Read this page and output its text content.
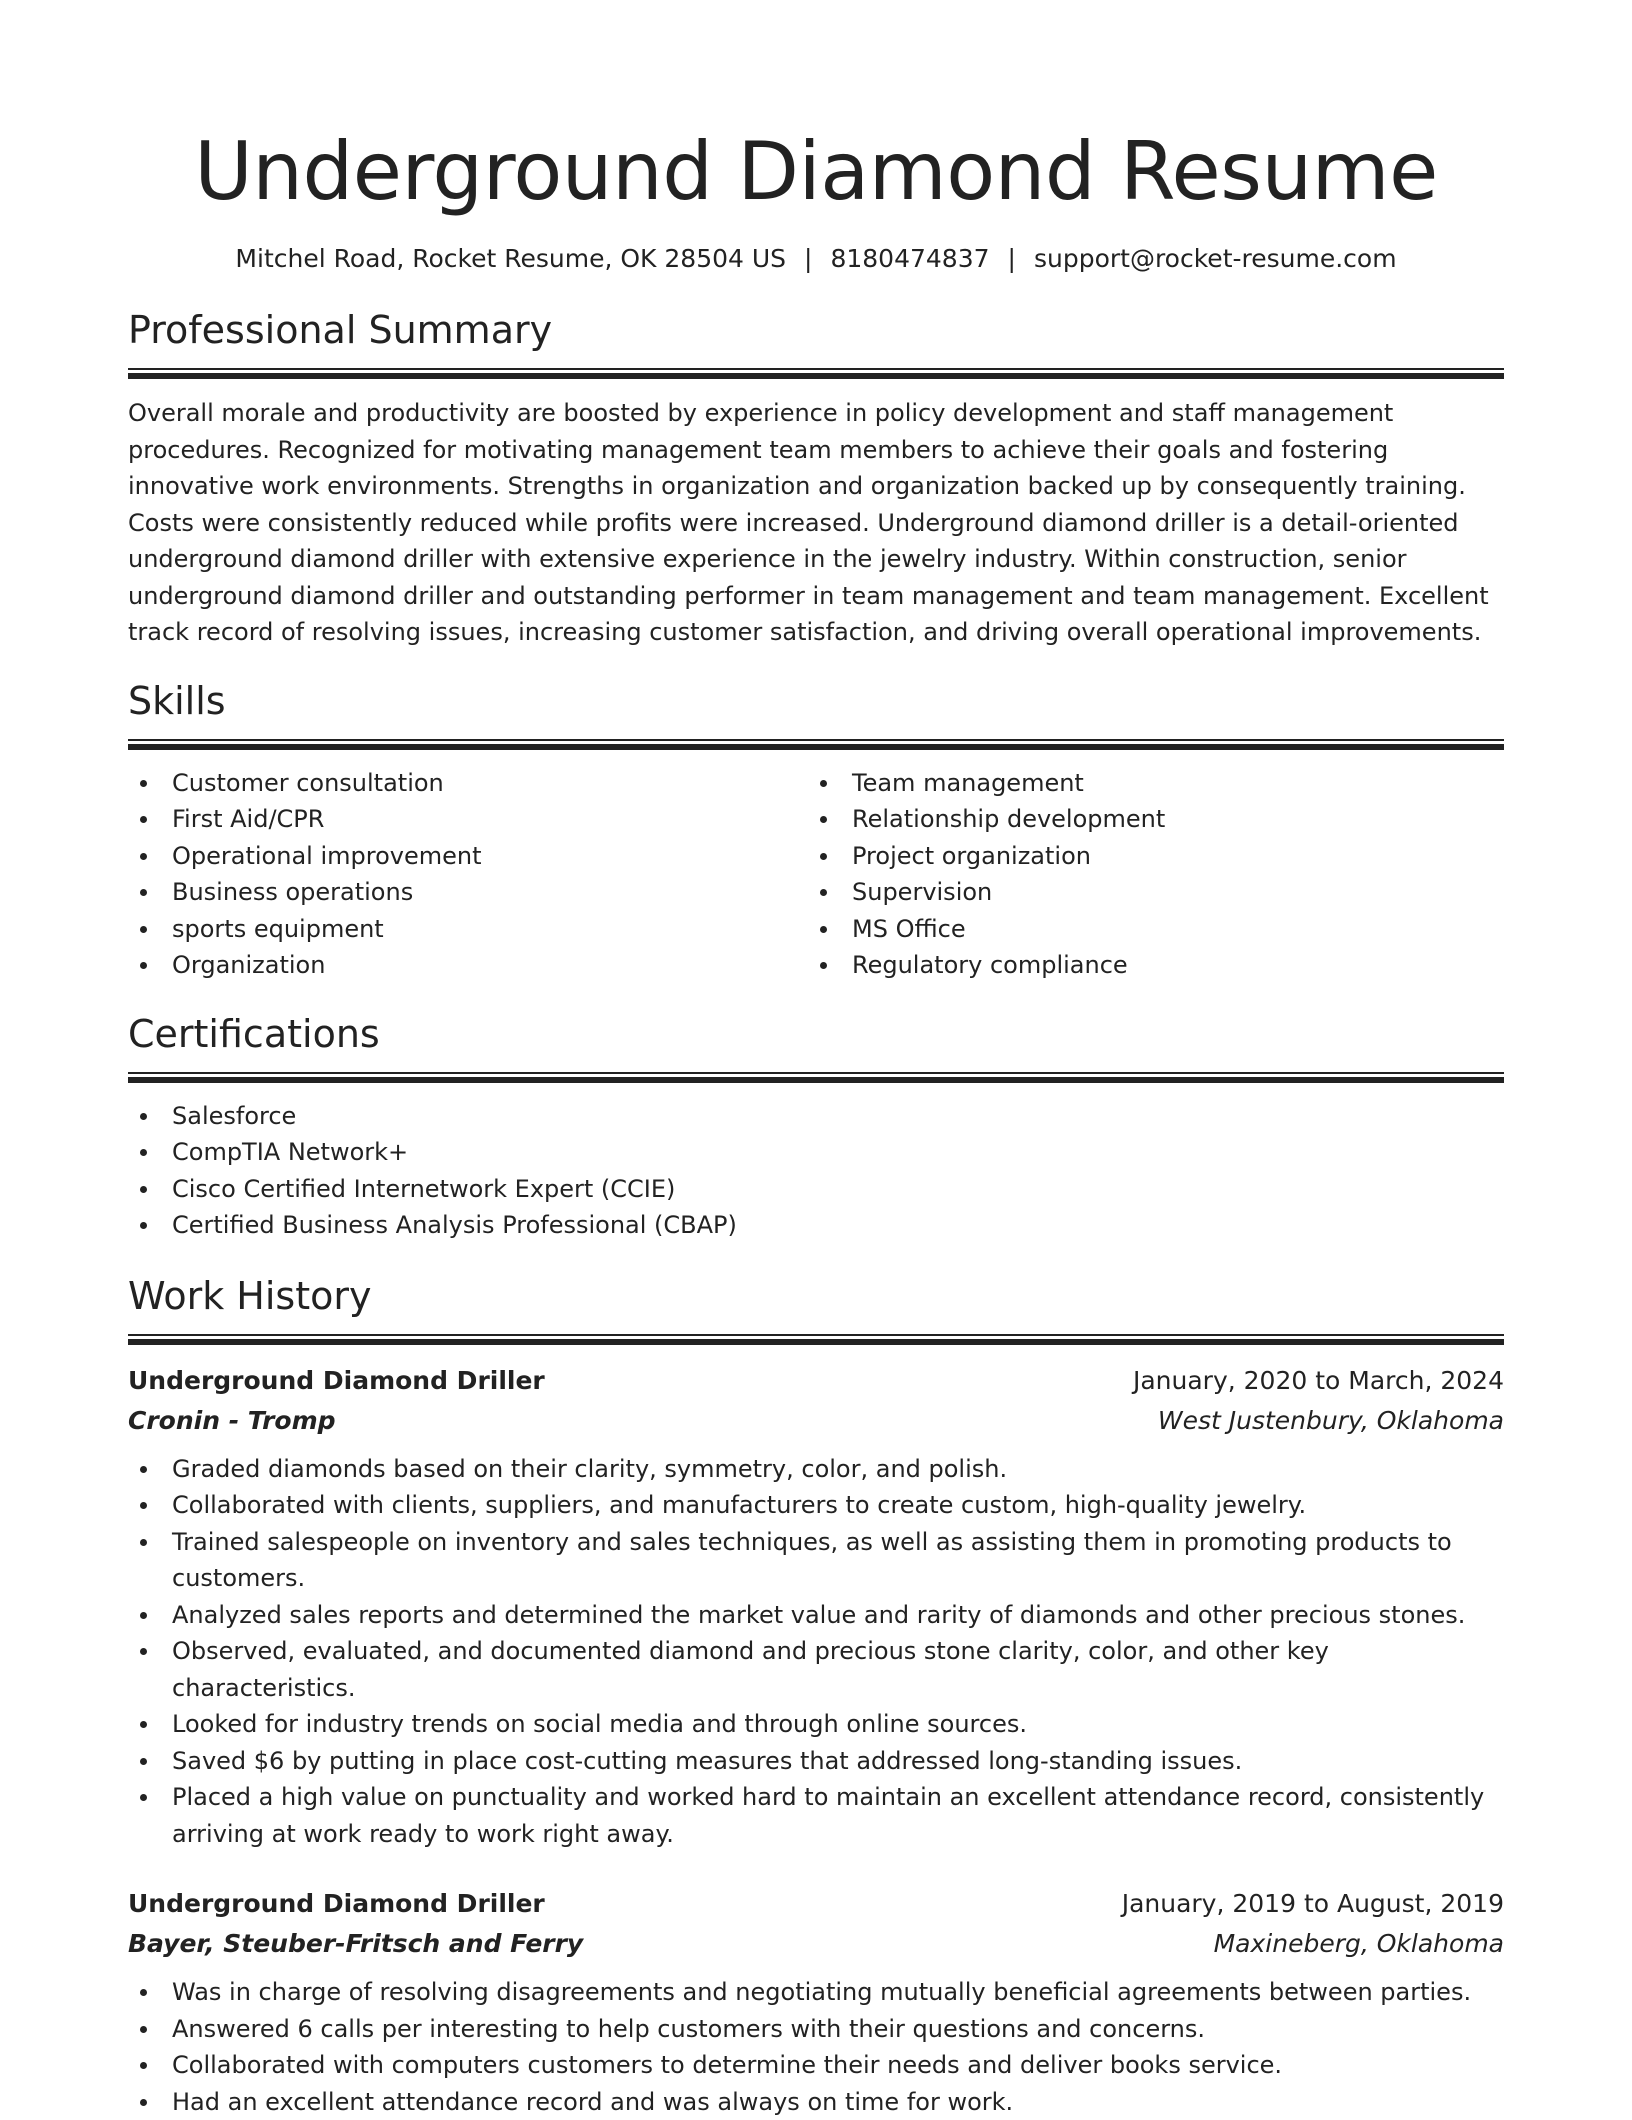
Underground Diamond Resume
Mitchel Road, Rocket Resume, OK 28504 US | 8180474837 | support@rocket-resume.com
Professional Summary

Overall morale and productivity are boosted by experience in policy development and staff management procedures. Recognized for motivating management team members to achieve their goals and fostering innovative work environments. Strengths in organization and organization backed up by consequently training. Costs were consistently reduced while profits were increased. Underground diamond driller is a detail-oriented underground diamond driller with extensive experience in the jewelry industry. Within construction, senior underground diamond driller and outstanding performer in team management and team management. Excellent track record of resolving issues, increasing customer satisfaction, and driving overall operational improvements.

Skills
Customer consultation
First Aid/CPR
Operational improvement
Business operations
sports equipment
Organization
Team management
Relationship development
Project organization
Supervision
MS Office
Regulatory compliance
Certifications
Salesforce
CompTIA Network+
Cisco Certified Internetwork Expert (CCIE)
Certified Business Analysis Professional (CBAP)
Work History
Underground Diamond Driller	January, 2020 to March, 2024
Cronin - Tromp	West Justenbury, Oklahoma
Graded diamonds based on their clarity, symmetry, color, and polish.
Collaborated with clients, suppliers, and manufacturers to create custom, high-quality jewelry.
Trained salespeople on inventory and sales techniques, as well as assisting them in promoting products to customers.
Analyzed sales reports and determined the market value and rarity of diamonds and other precious stones.
Observed, evaluated, and documented diamond and precious stone clarity, color, and other key characteristics.
Looked for industry trends on social media and through online sources.
Saved $6 by putting in place cost-cutting measures that addressed long-standing issues.
Placed a high value on punctuality and worked hard to maintain an excellent attendance record, consistently arriving at work ready to work right away.
Underground Diamond Driller	January, 2019 to August, 2019
Bayer, Steuber-Fritsch and Ferry	Maxineberg, Oklahoma
Was in charge of resolving disagreements and negotiating mutually beneficial agreements between parties.
Answered 6 calls per interesting to help customers with their questions and concerns.
Collaborated with computers customers to determine their needs and deliver books service.
Had an excellent attendance record and was always on time for work.
